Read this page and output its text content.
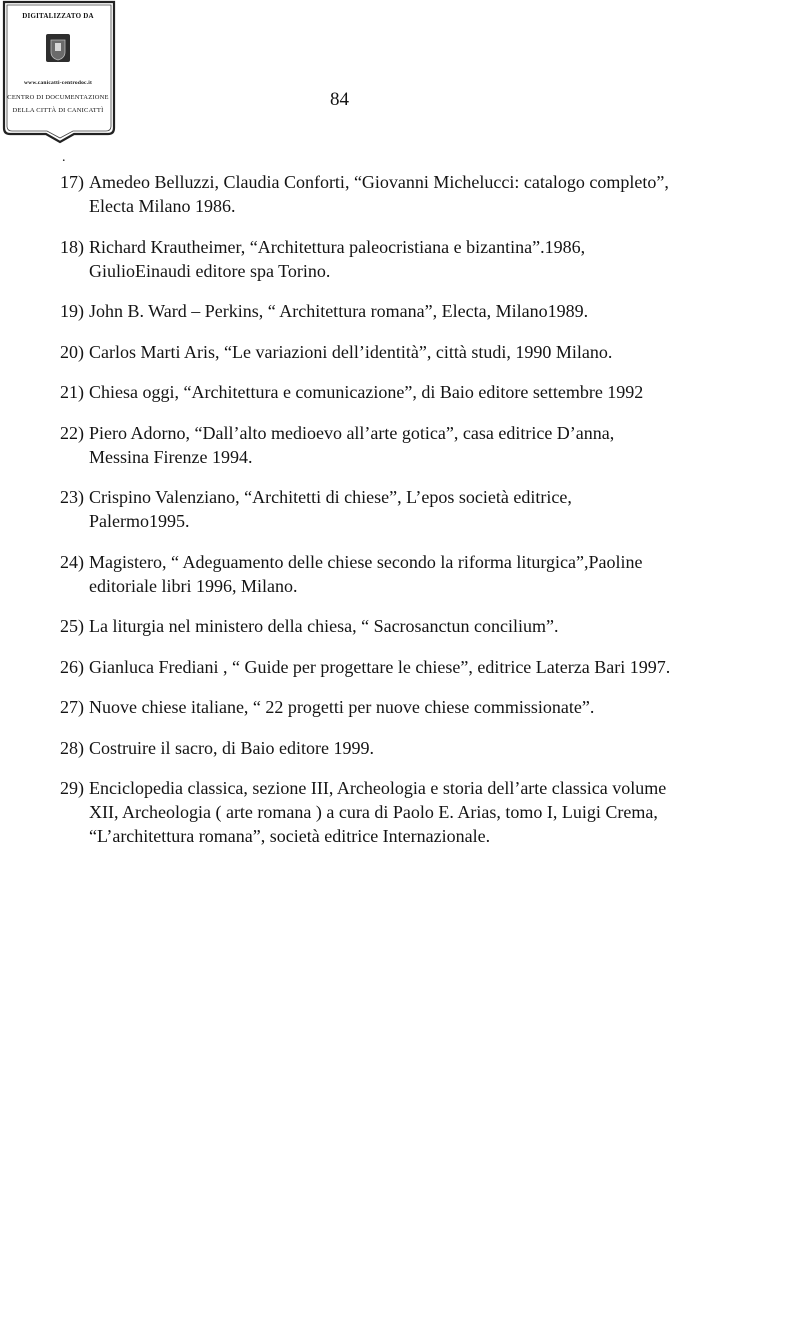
DIGITALIZZATO DA
www.canicatti-centrodoc.it
CENTRO DI DOCUMENTAZIONE
DELLA CITTÀ DI CANICATTÌ
84
.
17) Amedeo Belluzzi, Claudia Conforti, “Giovanni Michelucci: catalogo completo”,
Electa Milano 1986.
18) Richard Krautheimer, “Architettura paleocristiana e bizantina”.1986,
GiulioEinaudi editore spa Torino.
19) John B. Ward – Perkins, “ Architettura romana”, Electa, Milano1989.
20) Carlos Marti Aris, “Le variazioni dell’identità”, città studi, 1990 Milano.
21) Chiesa oggi, “Architettura e comunicazione”, di Baio editore settembre 1992
22) Piero Adorno, “Dall’alto medioevo all’arte gotica”, casa editrice D’anna,
Messina Firenze 1994.
23) Crispino Valenziano, “Architetti di chiese”, L’epos società editrice,
Palermo1995.
24) Magistero, “ Adeguamento delle chiese secondo la riforma liturgica”,Paoline
editoriale libri 1996, Milano.
25) La liturgia nel ministero della chiesa, “ Sacrosanctun concilium”.
26) Gianluca Frediani , “ Guide per progettare le chiese”, editrice Laterza Bari 1997.
27) Nuove chiese italiane, “ 22 progetti per nuove chiese commissionate”.
28) Costruire il sacro, di Baio editore 1999.
29) Enciclopedia classica, sezione III, Archeologia e storia dell’arte classica volume
XII, Archeologia ( arte romana ) a cura di Paolo E. Arias, tomo I, Luigi Crema,
“L’architettura romana”, società editrice Internazionale.
